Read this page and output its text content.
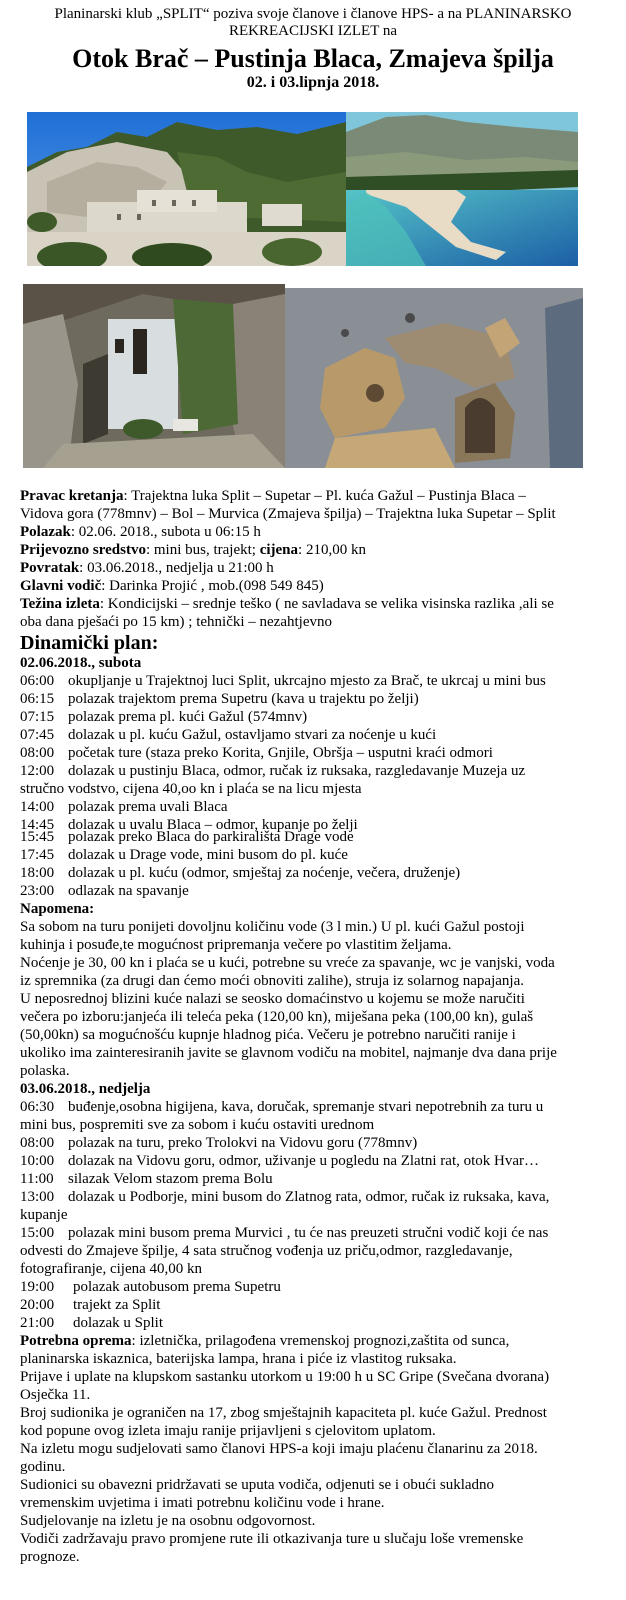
Planinarski klub „SPLIT“ poziva svoje članove i članove HPS- a na PLANINARSKO
REKREACIJSKI IZLET na
Otok Brač – Pustinja Blaca, Zmajeva špilja
02. i 03.lipnja 2018.
Pravac kretanja: Trajektna luka Split – Supetar – Pl. kuća Gažul – Pustinja Blaca –
Vidova gora (778mnv) – Bol – Murvica (Zmajeva špilja) – Trajektna luka Supetar – Split
Polazak: 02.06. 2018., subota u 06:15 h
Prijevozno sredstvo: mini bus, trajekt; cijena: 210,00 kn
Povratak: 03.06.2018., nedjelja u 21:00 h
Glavni vodič: Darinka Projić , mob.(098 549 845)
Težina izleta: Kondicijski – srednje teško ( ne savladava se velika visinska razlika ,ali se
oba dana pješaći po 15 km) ; tehnički – nezahtjevno
Dinamički plan:
02.06.2018., subota
06:00 okupljanje u Trajektnoj luci Split, ukrcajno mjesto za Brač, te ukrcaj u mini bus
06:15 polazak trajektom prema Supetru (kava u trajektu po želji)
07:15 polazak prema pl. kući Gažul (574mnv)
07:45 dolazak u pl. kuću Gažul, ostavljamo stvari za noćenje u kući
08:00 početak ture (staza preko Korita, Gnjile, Obršja – usputni kraći odmori
12:00 dolazak u pustinju Blaca, odmor, ručak iz ruksaka, razgledavanje Muzeja uz
stručno vodstvo, cijena 40,oo kn i plaća se na licu mjesta
14:00 polazak prema uvali Blaca
14:45 dolazak u uvalu Blaca – odmor, kupanje po želji
15:45 polazak preko Blaca do parkirališta Drage vode
17:45 dolazak u Drage vode, mini busom do pl. kuće
18:00 dolazak u pl. kuću (odmor, smještaj za noćenje, večera, druženje)
23:00 odlazak na spavanje
Napomena:
Sa sobom na turu ponijeti dovoljnu količinu vode (3 l min.) U pl. kući Gažul postoji
kuhinja i posuđe,te mogućnost pripremanja večere po vlastitim željama.
Noćenje je 30, 00 kn i plaća se u kući, potrebne su vreće za spavanje, wc je vanjski, voda
iz spremnika (za drugi dan ćemo moći obnoviti zalihe), struja iz solarnog napajanja.
U neposrednoj blizini kuće nalazi se seosko domaćinstvo u kojemu se može naručiti
večera po izboru:janjeća ili teleća peka (120,00 kn), miješana peka (100,00 kn), gulaš
(50,00kn) sa mogućnošću kupnje hladnog pića. Večeru je potrebno naručiti ranije i
ukoliko ima zainteresiranih javite se glavnom vodiču na mobitel, najmanje dva dana prije
polaska.
03.06.2018., nedjelja
06:30 buđenje,osobna higijena, kava, doručak, spremanje stvari nepotrebnih za turu u
mini bus, pospremiti sve za sobom i kuću ostaviti urednom
08:00 polazak na turu, preko Trolokvi na Vidovu goru (778mnv)
10:00 dolazak na Vidovu goru, odmor, uživanje u pogledu na Zlatni rat, otok Hvar…
11:00 silazak Velom stazom prema Bolu
13:00 dolazak u Podborje, mini busom do Zlatnog rata, odmor, ručak iz ruksaka, kava,
kupanje
15:00 polazak mini busom prema Murvici , tu će nas preuzeti stručni vodič koji će nas
odvesti do Zmajeve špilje, 4 sata stručnog vođenja uz priču,odmor, razgledavanje,
fotografiranje, cijena 40,00 kn
19:00	polazak autobusom prema Supetru
20:00	trajekt za Split
21:00	dolazak u Split
Potrebna oprema: izletnička, prilagođena vremenskoj prognozi,zaštita od sunca,
planinarska iskaznica, baterijska lampa, hrana i piće iz vlastitog ruksaka.
Prijave i uplate na klupskom sastanku utorkom u 19:00 h u SC Gripe (Svečana dvorana)
Osječka 11.
Broj sudionika je ograničen na 17, zbog smještajnih kapaciteta pl. kuće Gažul. Prednost
kod popune ovog izleta imaju ranije prijavljeni s cjelovitom uplatom.
Na izletu mogu sudjelovati samo članovi HPS-a koji imaju plaćenu članarinu za 2018.
godinu.
Sudionici su obavezni pridržavati se uputa vodiča, odjenuti se i obući sukladno
vremenskim uvjetima i imati potrebnu količinu vode i hrane.
Sudjelovanje na izletu je na osobnu odgovornost.
Vodiči zadržavaju pravo promjene rute ili otkazivanja ture u slučaju loše vremenske
prognoze.
